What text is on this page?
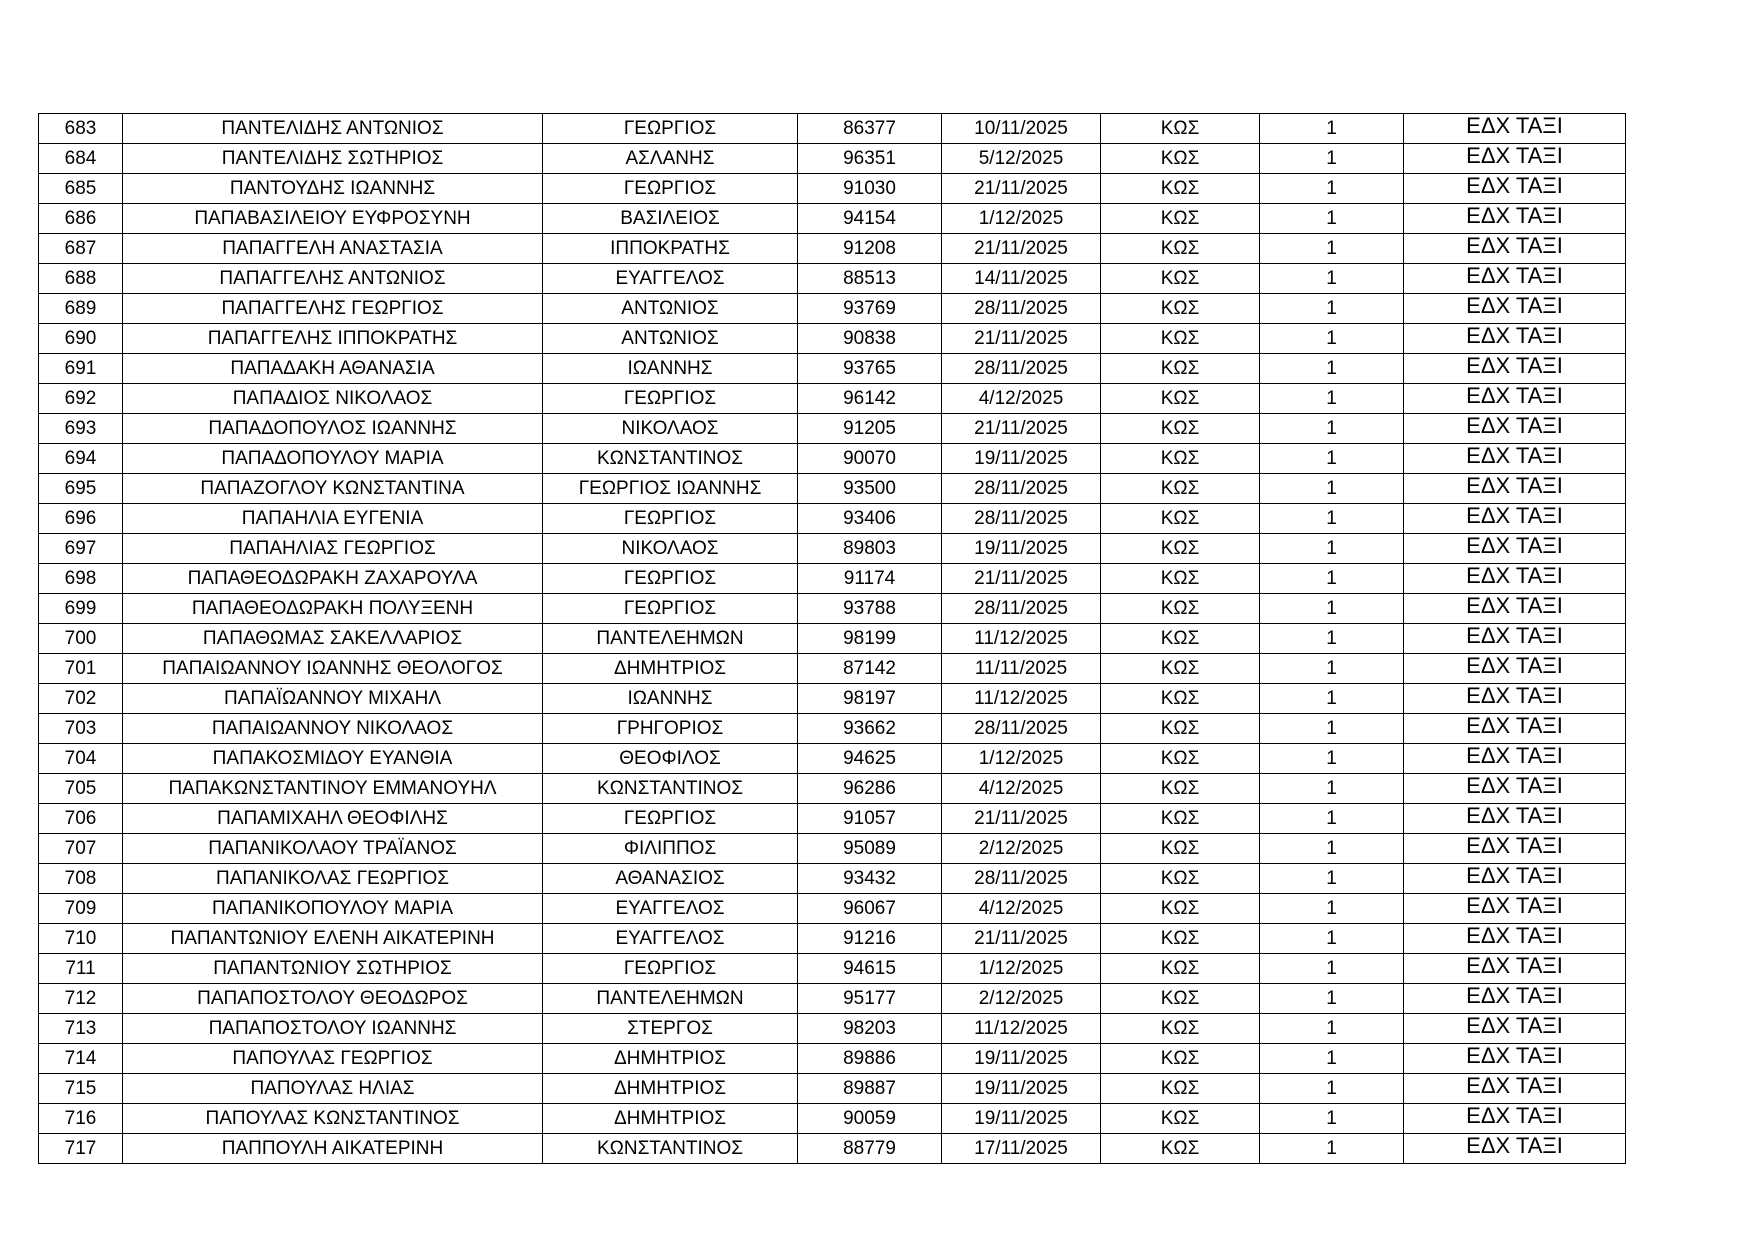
683	ΠΑΝΤΕΛΙΔΗΣ ΑΝΤΩΝΙΟΣ	ΓΕΩΡΓΙΟΣ	86377	10/11/2025	ΚΩΣ	1	ΕΔΧ ΤΑΞΙ
684	ΠΑΝΤΕΛΙΔΗΣ ΣΩΤΗΡΙΟΣ	ΑΣΛΑΝΗΣ	96351	5/12/2025	ΚΩΣ	1	ΕΔΧ ΤΑΞΙ
685	ΠΑΝΤΟΥΔΗΣ ΙΩΑΝΝΗΣ	ΓΕΩΡΓΙΟΣ	91030	21/11/2025	ΚΩΣ	1	ΕΔΧ ΤΑΞΙ
686	ΠΑΠΑΒΑΣΙΛΕΙΟΥ ΕΥΦΡΟΣΥΝΗ	ΒΑΣΙΛΕΙΟΣ	94154	1/12/2025	ΚΩΣ	1	ΕΔΧ ΤΑΞΙ
687	ΠΑΠΑΓΓΕΛΗ ΑΝΑΣΤΑΣΙΑ	ΙΠΠΟΚΡΑΤΗΣ	91208	21/11/2025	ΚΩΣ	1	ΕΔΧ ΤΑΞΙ
688	ΠΑΠΑΓΓΕΛΗΣ ΑΝΤΩΝΙΟΣ	ΕΥΑΓΓΕΛΟΣ	88513	14/11/2025	ΚΩΣ	1	ΕΔΧ ΤΑΞΙ
689	ΠΑΠΑΓΓΕΛΗΣ ΓΕΩΡΓΙΟΣ	ΑΝΤΩΝΙΟΣ	93769	28/11/2025	ΚΩΣ	1	ΕΔΧ ΤΑΞΙ
690	ΠΑΠΑΓΓΕΛΗΣ ΙΠΠΟΚΡΑΤΗΣ	ΑΝΤΩΝΙΟΣ	90838	21/11/2025	ΚΩΣ	1	ΕΔΧ ΤΑΞΙ
691	ΠΑΠΑΔΑΚΗ ΑΘΑΝΑΣΙΑ	ΙΩΑΝΝΗΣ	93765	28/11/2025	ΚΩΣ	1	ΕΔΧ ΤΑΞΙ
692	ΠΑΠΑΔΙΟΣ ΝΙΚΟΛΑΟΣ	ΓΕΩΡΓΙΟΣ	96142	4/12/2025	ΚΩΣ	1	ΕΔΧ ΤΑΞΙ
693	ΠΑΠΑΔΟΠΟΥΛΟΣ ΙΩΑΝΝΗΣ	ΝΙΚΟΛΑΟΣ	91205	21/11/2025	ΚΩΣ	1	ΕΔΧ ΤΑΞΙ
694	ΠΑΠΑΔΟΠΟΥΛΟΥ ΜΑΡΙΑ	ΚΩΝΣΤΑΝΤΙΝΟΣ	90070	19/11/2025	ΚΩΣ	1	ΕΔΧ ΤΑΞΙ
695	ΠΑΠΑΖΟΓΛΟΥ ΚΩΝΣΤΑΝΤΙΝΑ	ΓΕΩΡΓΙΟΣ ΙΩΑΝΝΗΣ	93500	28/11/2025	ΚΩΣ	1	ΕΔΧ ΤΑΞΙ
696	ΠΑΠΑΗΛΙΑ ΕΥΓΕΝΙΑ	ΓΕΩΡΓΙΟΣ	93406	28/11/2025	ΚΩΣ	1	ΕΔΧ ΤΑΞΙ
697	ΠΑΠΑΗΛΙΑΣ ΓΕΩΡΓΙΟΣ	ΝΙΚΟΛΑΟΣ	89803	19/11/2025	ΚΩΣ	1	ΕΔΧ ΤΑΞΙ
698	ΠΑΠΑΘΕΟΔΩΡΑΚΗ ΖΑΧΑΡΟΥΛΑ	ΓΕΩΡΓΙΟΣ	91174	21/11/2025	ΚΩΣ	1	ΕΔΧ ΤΑΞΙ
699	ΠΑΠΑΘΕΟΔΩΡΑΚΗ ΠΟΛΥΞΕΝΗ	ΓΕΩΡΓΙΟΣ	93788	28/11/2025	ΚΩΣ	1	ΕΔΧ ΤΑΞΙ
700	ΠΑΠΑΘΩΜΑΣ ΣΑΚΕΛΛΑΡΙΟΣ	ΠΑΝΤΕΛΕΗΜΩΝ	98199	11/12/2025	ΚΩΣ	1	ΕΔΧ ΤΑΞΙ
701	ΠΑΠΑΙΩΑΝΝΟΥ ΙΩΑΝΝΗΣ ΘΕΟΛΟΓΟΣ	ΔΗΜΗΤΡΙΟΣ	87142	11/11/2025	ΚΩΣ	1	ΕΔΧ ΤΑΞΙ
702	ΠΑΠΑΪΩΑΝΝΟΥ ΜΙΧΑΗΛ	ΙΩΑΝΝΗΣ	98197	11/12/2025	ΚΩΣ	1	ΕΔΧ ΤΑΞΙ
703	ΠΑΠΑΙΩΑΝΝΟΥ ΝΙΚΟΛΑΟΣ	ΓΡΗΓΟΡΙΟΣ	93662	28/11/2025	ΚΩΣ	1	ΕΔΧ ΤΑΞΙ
704	ΠΑΠΑΚΟΣΜΙΔΟΥ ΕΥΑΝΘΙΑ	ΘΕΟΦΙΛΟΣ	94625	1/12/2025	ΚΩΣ	1	ΕΔΧ ΤΑΞΙ
705	ΠΑΠΑΚΩΝΣΤΑΝΤΙΝΟΥ ΕΜΜΑΝΟΥΗΛ	ΚΩΝΣΤΑΝΤΙΝΟΣ	96286	4/12/2025	ΚΩΣ	1	ΕΔΧ ΤΑΞΙ
706	ΠΑΠΑΜΙΧΑΗΛ ΘΕΟΦΙΛΗΣ	ΓΕΩΡΓΙΟΣ	91057	21/11/2025	ΚΩΣ	1	ΕΔΧ ΤΑΞΙ
707	ΠΑΠΑΝΙΚΟΛΑΟΥ ΤΡΑΪΑΝΟΣ	ΦΙΛΙΠΠΟΣ	95089	2/12/2025	ΚΩΣ	1	ΕΔΧ ΤΑΞΙ
708	ΠΑΠΑΝΙΚΟΛΑΣ ΓΕΩΡΓΙΟΣ	ΑΘΑΝΑΣΙΟΣ	93432	28/11/2025	ΚΩΣ	1	ΕΔΧ ΤΑΞΙ
709	ΠΑΠΑΝΙΚΟΠΟΥΛΟΥ ΜΑΡΙΑ	ΕΥΑΓΓΕΛΟΣ	96067	4/12/2025	ΚΩΣ	1	ΕΔΧ ΤΑΞΙ
710	ΠΑΠΑΝΤΩΝΙΟΥ ΕΛΕΝΗ ΑΙΚΑΤΕΡΙΝΗ	ΕΥΑΓΓΕΛΟΣ	91216	21/11/2025	ΚΩΣ	1	ΕΔΧ ΤΑΞΙ
711	ΠΑΠΑΝΤΩΝΙΟΥ ΣΩΤΗΡΙΟΣ	ΓΕΩΡΓΙΟΣ	94615	1/12/2025	ΚΩΣ	1	ΕΔΧ ΤΑΞΙ
712	ΠΑΠΑΠΟΣΤΟΛΟΥ ΘΕΟΔΩΡΟΣ	ΠΑΝΤΕΛΕΗΜΩΝ	95177	2/12/2025	ΚΩΣ	1	ΕΔΧ ΤΑΞΙ
713	ΠΑΠΑΠΟΣΤΟΛΟΥ ΙΩΑΝΝΗΣ	ΣΤΕΡΓΟΣ	98203	11/12/2025	ΚΩΣ	1	ΕΔΧ ΤΑΞΙ
714	ΠΑΠΟΥΛΑΣ ΓΕΩΡΓΙΟΣ	ΔΗΜΗΤΡΙΟΣ	89886	19/11/2025	ΚΩΣ	1	ΕΔΧ ΤΑΞΙ
715	ΠΑΠΟΥΛΑΣ ΗΛΙΑΣ	ΔΗΜΗΤΡΙΟΣ	89887	19/11/2025	ΚΩΣ	1	ΕΔΧ ΤΑΞΙ
716	ΠΑΠΟΥΛΑΣ ΚΩΝΣΤΑΝΤΙΝΟΣ	ΔΗΜΗΤΡΙΟΣ	90059	19/11/2025	ΚΩΣ	1	ΕΔΧ ΤΑΞΙ
717	ΠΑΠΠΟΥΛΗ ΑΙΚΑΤΕΡΙΝΗ	ΚΩΝΣΤΑΝΤΙΝΟΣ	88779	17/11/2025	ΚΩΣ	1	ΕΔΧ ΤΑΞΙ
